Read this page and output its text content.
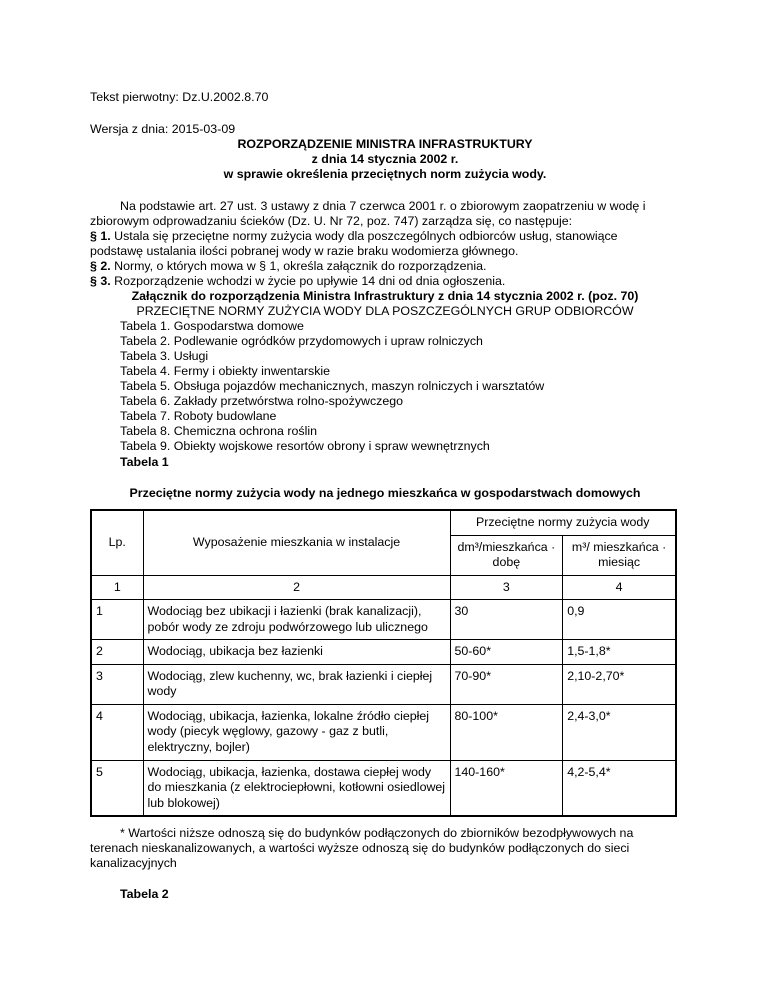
Tekst pierwotny: Dz.U.2002.8.70
Wersja z dnia: 2015-03-09
ROZPORZĄDZENIE MINISTRA INFRASTRUKTURY
z dnia 14 stycznia 2002 r.
w sprawie określenia przeciętnych norm zużycia wody.
Na podstawie art. 27 ust. 3 ustawy z dnia 7 czerwca 2001 r. o zbiorowym zaopatrzeniu w wodę i
zbiorowym odprowadzaniu ścieków (Dz. U. Nr 72, poz. 747) zarządza się, co następuje:
§ 1. Ustala się przeciętne normy zużycia wody dla poszczególnych odbiorców usług, stanowiące
podstawę ustalania ilości pobranej wody w razie braku wodomierza głównego.
§ 2. Normy, o których mowa w § 1, określa załącznik do rozporządzenia.
§ 3. Rozporządzenie wchodzi w życie po upływie 14 dni od dnia ogłoszenia.
Załącznik do rozporządzenia Ministra Infrastruktury z dnia 14 stycznia 2002 r. (poz. 70)
PRZECIĘTNE NORMY ZUŻYCIA WODY DLA POSZCZEGÓLNYCH GRUP ODBIORCÓW
Tabela 1. Gospodarstwa domowe
Tabela 2. Podlewanie ogródków przydomowych i upraw rolniczych
Tabela 3. Usługi
Tabela 4. Fermy i obiekty inwentarskie
Tabela 5. Obsługa pojazdów mechanicznych, maszyn rolniczych i warsztatów
Tabela 6. Zakłady przetwórstwa rolno-spożywczego
Tabela 7. Roboty budowlane
Tabela 8. Chemiczna ochrona roślin
Tabela 9. Obiekty wojskowe resortów obrony i spraw wewnętrznych
Tabela 1
Przeciętne normy zużycia wody na jednego mieszkańca w gospodarstwach domowych
Lp.	Wyposażenie mieszkania w instalacje	Przeciętne normy zużycia wody	
		dm³/mieszkańca · dobę	m³/ mieszkańca · miesiąc
1	2	3	4
1	Wodociąg bez ubikacji i łazienki (brak kanalizacji), pobór wody ze zdroju podwórzowego lub ulicznego	30	0,9
2	Wodociąg, ubikacja bez łazienki	50-60*	1,5-1,8*
3	Wodociąg, zlew kuchenny, wc, brak łazienki i ciepłej wody	70-90*	2,10-2,70*
4	Wodociąg, ubikacja, łazienka, lokalne źródło ciepłej wody (piecyk węglowy, gazowy - gaz z butli, elektryczny, bojler)	80-100*	2,4-3,0*
5	Wodociąg, ubikacja, łazienka, dostawa ciepłej wody do mieszkania (z elektrociepłowni, kotłowni osiedlowej lub blokowej)	140-160*	4,2-5,4*
* Wartości niższe odnoszą się do budynków podłączonych do zbiorników bezodpływowych na
terenach nieskanalizowanych, a wartości wyższe odnoszą się do budynków podłączonych do sieci
kanalizacyjnych
Tabela 2
